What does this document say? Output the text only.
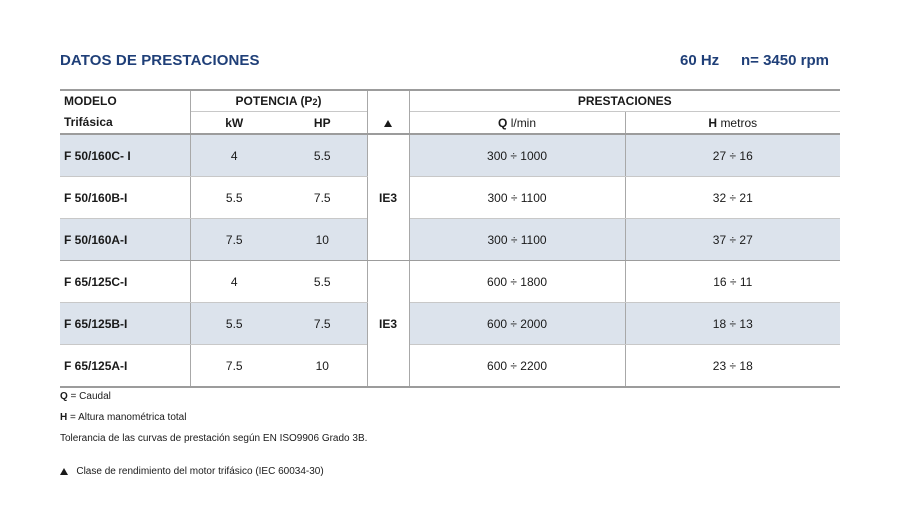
DATOS DE PRESTACIONES	60 Hz n= 3450 rpm
MODELO	POTENCIA (P2)			PRESTACIONES	
Trifásica	kW	HP		Q l/min	H metros
F 50/160C- I	4	5.5	IE3	300 ÷ 1000	27 ÷ 16
F 50/160B-I	5.5	7.5		300 ÷ 1100	32 ÷ 21
F 50/160A-I	7.5	10		300 ÷ 1100	37 ÷ 27
F 65/125C-I	4	5.5	IE3	600 ÷ 1800	16 ÷ 11
F 65/125B-I	5.5	7.5		600 ÷ 2000	18 ÷ 13
F 65/125A-I	7.5	10		600 ÷ 2200	23 ÷ 18
Q = Caudal
H = Altura manométrica total
Tolerancia de las curvas de prestación según EN ISO9906 Grado 3B.
Clase de rendimiento del motor trifásico (IEC 60034-30)
